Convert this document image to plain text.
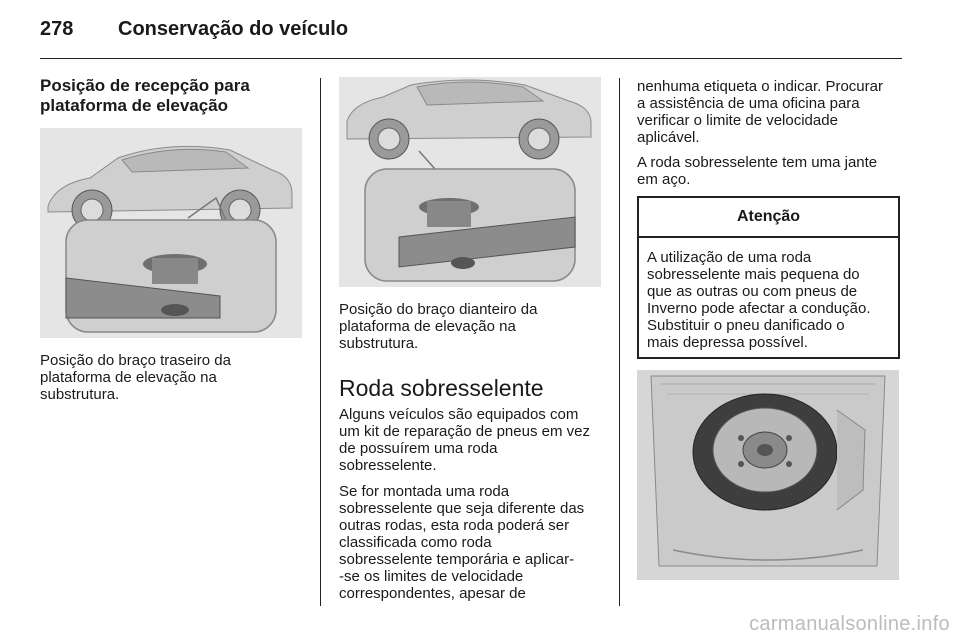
278 Conservação do veículo
Posição de recepção para
plataforma de elevação
Posição do braço traseiro da
plataforma de elevação na
substrutura.
Posição do braço dianteiro da
plataforma de elevação na
substrutura.
Roda sobresselente
Alguns veículos são equipados com
um kit de reparação de pneus em vez
de possuírem uma roda
sobresselente.
Se for montada uma roda
sobresselente que seja diferente das
outras rodas, esta roda poderá ser
classificada como roda
sobresselente temporária e aplicar-
-se os limites de velocidade
correspondentes, apesar de
nenhuma etiqueta o indicar. Procurar
a assistência de uma oficina para
verificar o limite de velocidade
aplicável.
A roda sobresselente tem uma jante
em aço.
Atenção
A utilização de uma roda
sobresselente mais pequena do
que as outras ou com pneus de
Inverno pode afectar a condução.
Substituir o pneu danificado o
mais depressa possível.
carmanualsonline.info
